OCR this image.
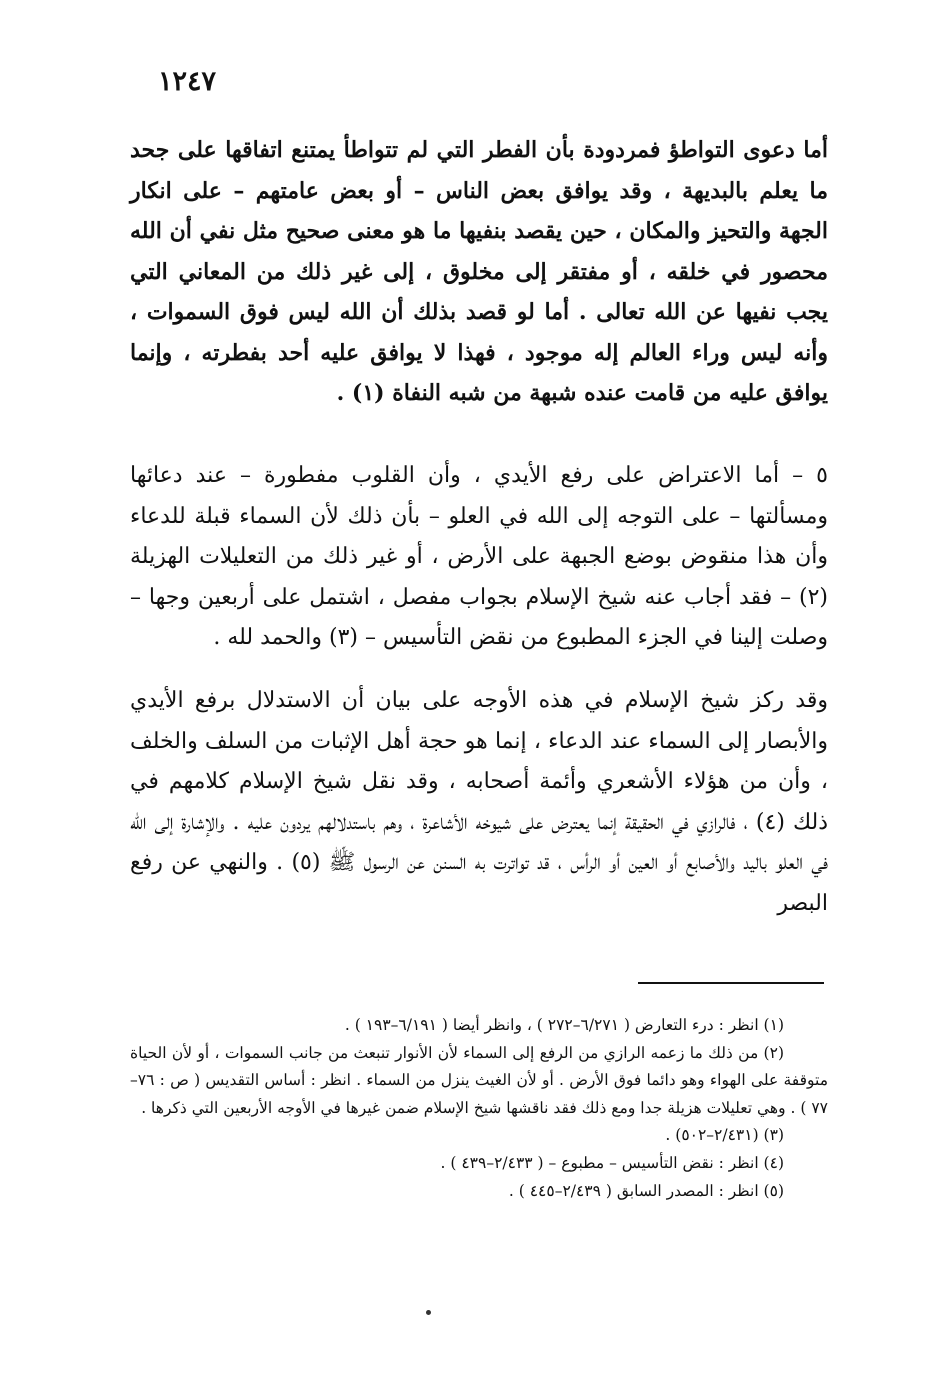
١٢٤٧

أما دعوى التواطؤ فمردودة بأن الفطر التي لم تتواطأ يمتنع اتفاقها على جحد ما يعلم بالبديهة ، وقد يوافق بعض الناس – أو بعض عامتهم – على انكار الجهة والتحيز والمكان ، حين يقصد بنفيها ما هو معنى صحيح مثل نفي أن الله محصور في خلقه ، أو مفتقر إلى مخلوق ، إلى غير ذلك من المعاني التي يجب نفيها عن الله تعالى . أما لو قصد بذلك أن الله ليس فوق السموات ، وأنه ليس وراء العالم إله موجود ، فهذا لا يوافق عليه أحد بفطرته ، وإنما يوافق عليه من قامت عنده شبهة من شبه النفاة (١) .

٥ – أما الاعتراض على رفع الأيدي ، وأن القلوب مفطورة – عند دعائها ومسألتها – على التوجه إلى الله في العلو – بأن ذلك لأن السماء قبلة للدعاء وأن هذا منقوض بوضع الجبهة على الأرض ، أو غير ذلك من التعليلات الهزيلة (٢) – فقد أجاب عنه شيخ الإسلام بجواب مفصل ، اشتمل على أربعين وجها – وصلت إلينا في الجزء المطبوع من نقض التأسيس – (٣) والحمد لله .

وقد ركز شيخ الإسلام في هذه الأوجه على بيان أن الاستدلال برفع الأيدي والأبصار إلى السماء عند الدعاء ، إنما هو حجة أهل الإثبات من السلف والخلف ، وأن من هؤلاء الأشعري وأئمة أصحابه ، وقد نقل شيخ الإسلام كلامهم في ذلك (٤) ، فالرازي في الحقيقة إنما يعترض على شيوخه الأشاعرة ، وهم باستدلالهم يردون عليه . والإشارة إلى الله في العلو باليد والأصابع أو العين أو الرأس ، قد تواترت به السنن عن الرسول ﷺ (٥) . والنهي عن رفع البصر

(١) انظر : درء التعارض ( ٦/٢٧١–٢٧٢ ) ، وانظر أيضا ( ٦/١٩١–١٩٣ ) .

(٢) من ذلك ما زعمه الرازي من الرفع إلى السماء لأن الأنوار تنبعث من جانب السموات ، أو لأن الحياة متوقفة على الهواء وهو دائما فوق الأرض . أو لأن الغيث ينزل من السماء . انظر : أساس التقديس ( ص : ٧٦–٧٧ ) . وهي تعليلات هزيلة جدا ومع ذلك فقد ناقشها شيخ الإسلام ضمن غيرها في الأوجه الأربعين التي ذكرها .

(٣) (٢/٤٣١–٥٠٢) .

(٤) انظر : نقض التأسيس – مطبوع – ( ٢/٤٣٣–٤٣٩ ) .

(٥) انظر : المصدر السابق ( ٢/٤٣٩–٤٤٥ ) .
